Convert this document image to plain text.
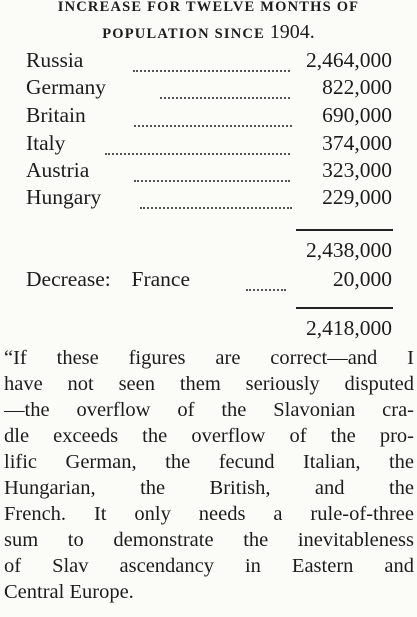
INCREASE FOR TWELVE MONTHS OF
POPULATION SINCE 1904.
Russia	2,464,000
Germany	822,000
Britain	690,000
Italy	374,000
Austria	323,000
Hungary	229,000
2,438,000
Decrease: France	20,000
2,418,000
“If these figures are correct—and I
have not seen them seriously disputed
—the overflow of the Slavonian cra-
dle exceeds the overflow of the pro-
lific German, the fecund Italian, the
Hungarian, the British, and the
French. It only needs a rule-of-three
sum to demonstrate the inevitableness
of Slav ascendancy in Eastern and
Central Europe.
